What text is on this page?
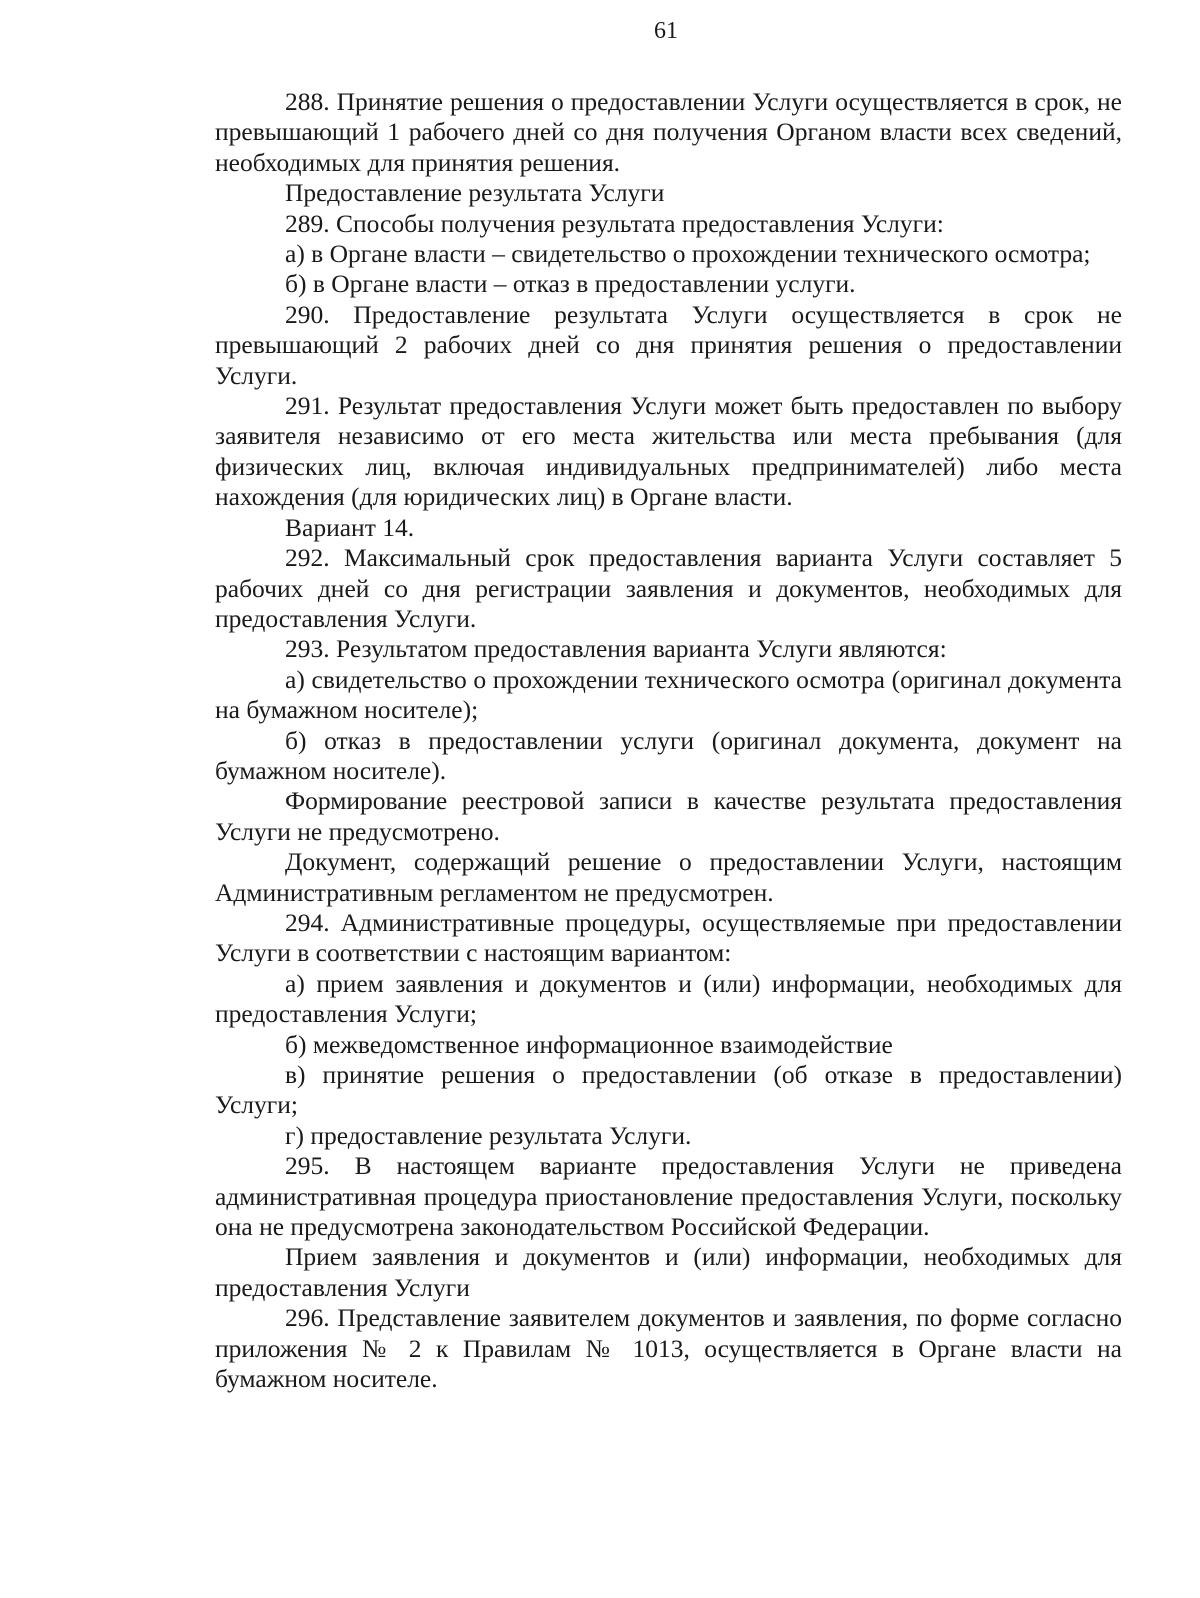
61

288. Принятие решения о предоставлении Услуги осуществляется в срок, не превышающий 1 рабочего дней со дня получения Органом власти всех сведений, необходимых для принятия решения.

Предоставление результата Услуги

289. Способы получения результата предоставления Услуги:

а) в Органе власти – свидетельство о прохождении технического осмотра;

б) в Органе власти – отказ в предоставлении услуги.

290. Предоставление результата Услуги осуществляется в срок не превышающий 2 рабочих дней со дня принятия решения о предоставлении Услуги.

291. Результат предоставления Услуги может быть предоставлен по выбору заявителя независимо от его места жительства или места пребывания (для физических лиц, включая индивидуальных предпринимателей) либо места нахождения (для юридических лиц) в Органе власти.

Вариант 14.

292. Максимальный срок предоставления варианта Услуги составляет 5 рабочих дней со дня регистрации заявления и документов, необходимых для предоставления Услуги.

293. Результатом предоставления варианта Услуги являются:

а) свидетельство о прохождении технического осмотра (оригинал документа на бумажном носителе);

б) отказ в предоставлении услуги (оригинал документа, документ на бумажном носителе).

Формирование реестровой записи в качестве результата предоставления Услуги не предусмотрено.

Документ, содержащий решение о предоставлении Услуги, настоящим Административным регламентом не предусмотрен.

294. Административные процедуры, осуществляемые при предоставлении Услуги в соответствии с настоящим вариантом:

а) прием заявления и документов и (или) информации, необходимых для предоставления Услуги;

б) межведомственное информационное взаимодействие

в) принятие решения о предоставлении (об отказе в предоставлении) Услуги;

г) предоставление результата Услуги.

295. В настоящем варианте предоставления Услуги не приведена административная процедура приостановление предоставления Услуги, поскольку она не предусмотрена законодательством Российской Федерации.

Прием заявления и документов и (или) информации, необходимых для предоставления Услуги

296. Представление заявителем документов и заявления, по форме согласно приложения № 2 к Правилам № 1013, осуществляется в Органе власти на бумажном носителе.
